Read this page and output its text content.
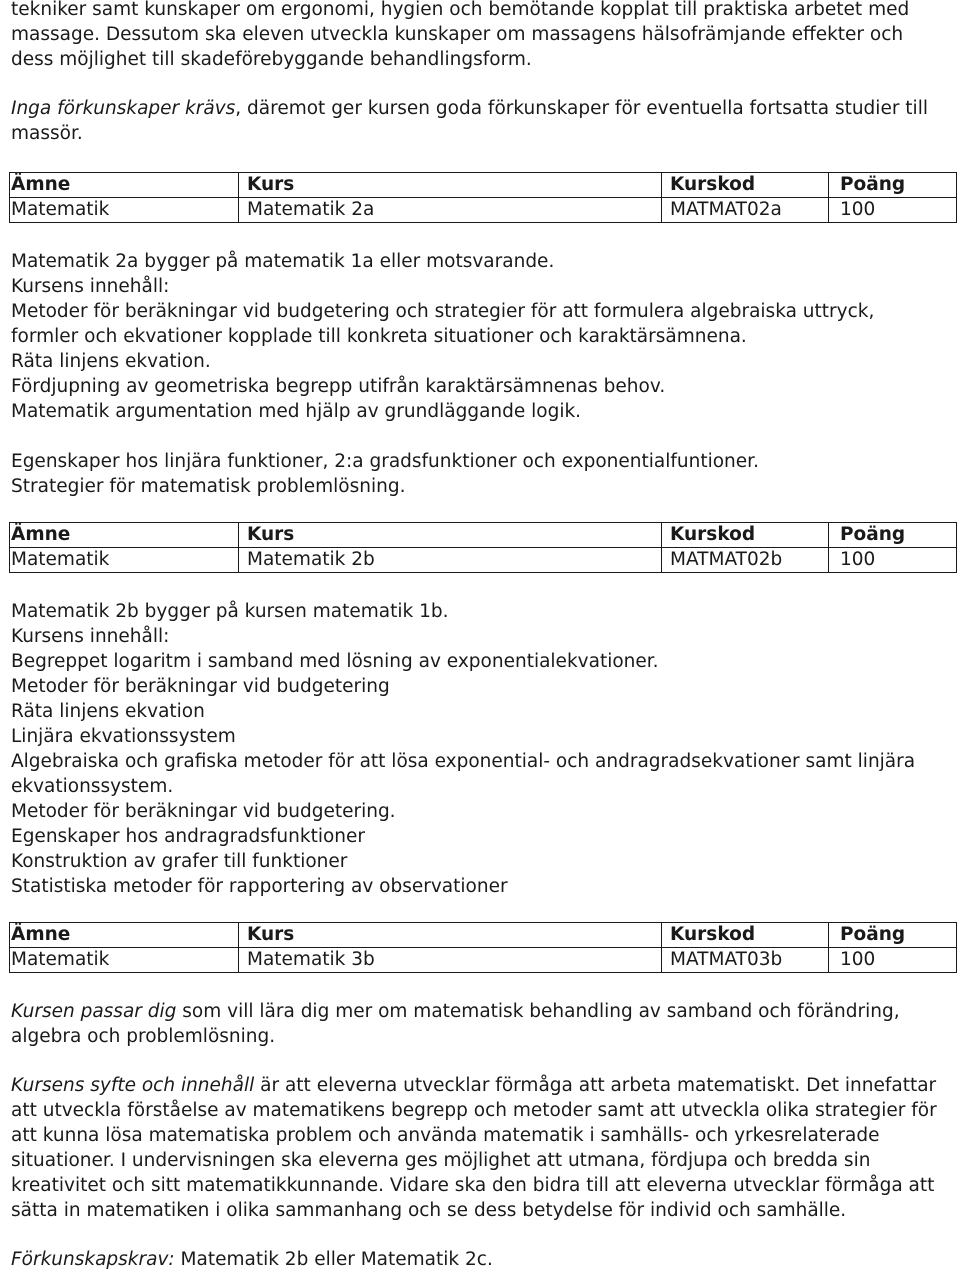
tekniker samt kunskaper om ergonomi, hygien och bemötande kopplat till praktiska arbetet med
massage. Dessutom ska eleven utveckla kunskaper om massagens hälsofrämjande effekter och
dess möjlighet till skadeförebyggande behandlingsform.
Inga förkunskaper krävs, däremot ger kursen goda förkunskaper för eventuella fortsatta studier till
massör.
Ämne	Kurs	Kurskod	Poäng
Matematik	Matematik 2a	MATMAT02a	100
Matematik 2a bygger på matematik 1a eller motsvarande.
Kursens innehåll:
Metoder för beräkningar vid budgetering och strategier för att formulera algebraiska uttryck,
formler och ekvationer kopplade till konkreta situationer och karaktärsämnena.
Räta linjens ekvation.
Fördjupning av geometriska begrepp utifrån karaktärsämnenas behov.
Matematik argumentation med hjälp av grundläggande logik.
Egenskaper hos linjära funktioner, 2:a gradsfunktioner och exponentialfuntioner.
Strategier för matematisk problemlösning.
Ämne	Kurs	Kurskod	Poäng
Matematik	Matematik 2b	MATMAT02b	100
Matematik 2b bygger på kursen matematik 1b.
Kursens innehåll:
Begreppet logaritm i samband med lösning av exponentialekvationer.
Metoder för beräkningar vid budgetering
Räta linjens ekvation
Linjära ekvationssystem
Algebraiska och grafiska metoder för att lösa exponential- och andragradsekvationer samt linjära
ekvationssystem.
Metoder för beräkningar vid budgetering.
Egenskaper hos andragradsfunktioner
Konstruktion av grafer till funktioner
Statistiska metoder för rapportering av observationer
Ämne	Kurs	Kurskod	Poäng
Matematik	Matematik 3b	MATMAT03b	100
Kursen passar dig som vill lära dig mer om matematisk behandling av samband och förändring,
algebra och problemlösning.
Kursens syfte och innehåll är att eleverna utvecklar förmåga att arbeta matematiskt. Det innefattar
att utveckla förståelse av matematikens begrepp och metoder samt att utveckla olika strategier för
att kunna lösa matematiska problem och använda matematik i samhälls- och yrkesrelaterade
situationer. I undervisningen ska eleverna ges möjlighet att utmana, fördjupa och bredda sin
kreativitet och sitt matematikkunnande. Vidare ska den bidra till att eleverna utvecklar förmåga att
sätta in matematiken i olika sammanhang och se dess betydelse för individ och samhälle.
Förkunskapskrav: Matematik 2b eller Matematik 2c.
